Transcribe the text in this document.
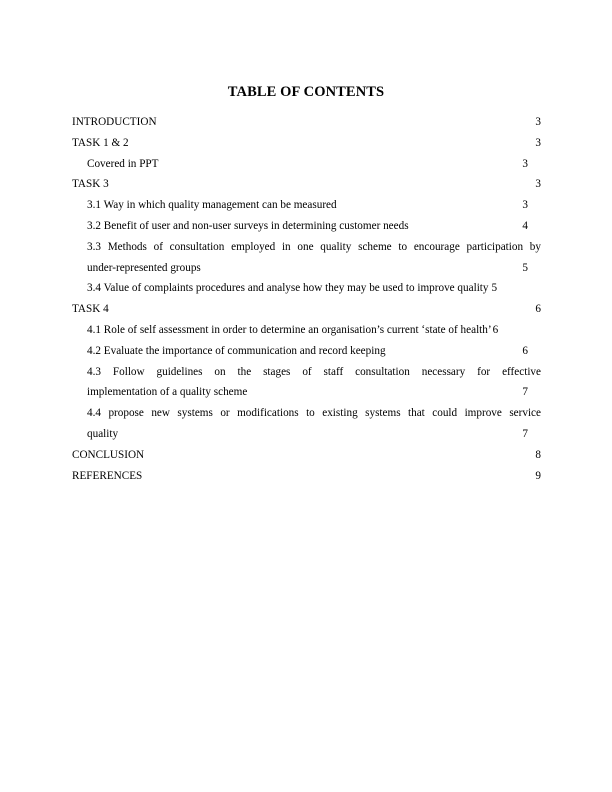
TABLE OF CONTENTS
INTRODUCTION	3
TASK 1 & 2	3
Covered in PPT	3
TASK 3	3
3.1 Way in which quality management can be measured	3
3.2 Benefit of user and non-user surveys in determining customer needs	4
3.3 Methods of consultation employed in one quality scheme to encourage participation by
under-represented groups	5
3.4 Value of complaints procedures and analyse how they may be used to improve quality 5
TASK 4	6
4.1 Role of self assessment in order to determine an organisation’s current ‘state of health’ 6
4.2 Evaluate the importance of communication and record keeping	6
4.3 Follow guidelines on the stages of staff consultation necessary for effective
implementation of a quality scheme	7
4.4 propose new systems or modifications to existing systems that could improve service
quality	7
CONCLUSION	8
REFERENCES	9
